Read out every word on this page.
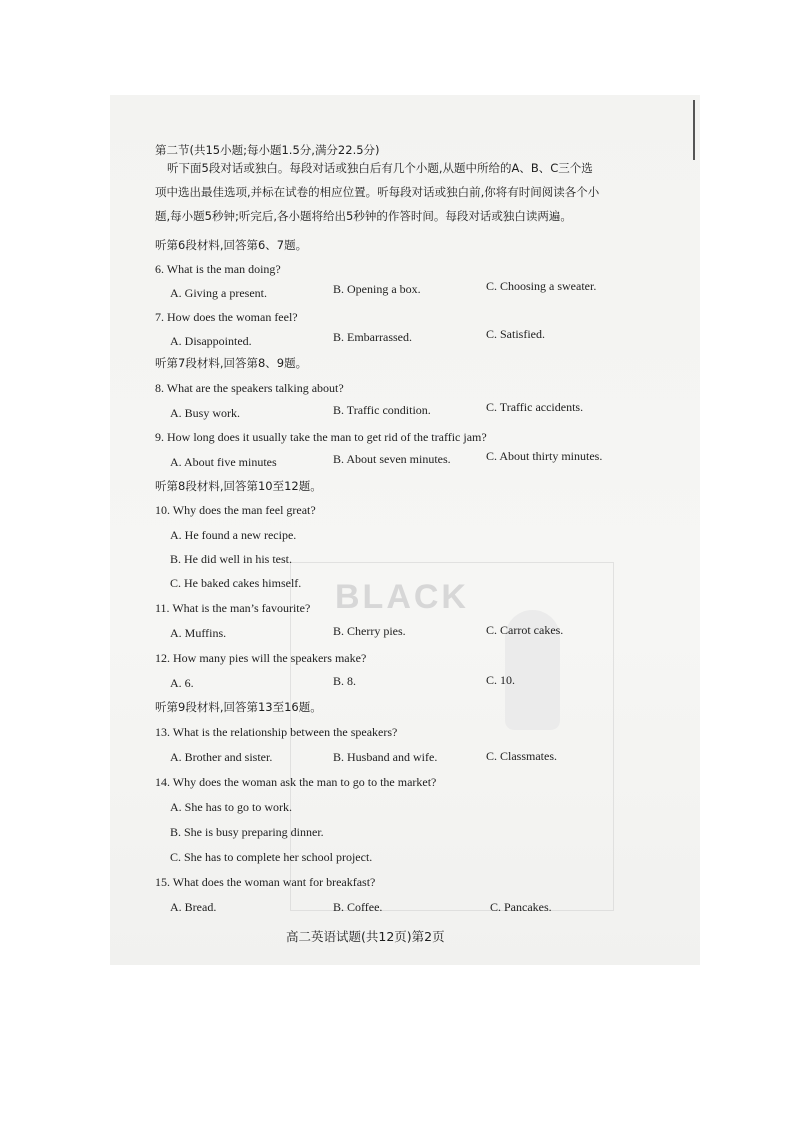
BLACK
第二节(共15小题;每小题1.5分,满分22.5分)
听下面5段对话或独白。每段对话或独白后有几个小题,从题中所给的A、B、C三个选
项中选出最佳选项,并标在试卷的相应位置。听每段对话或独白前,你将有时间阅读各个小
题,每小题5秒钟;听完后,各小题将给出5秒钟的作答时间。每段对话或独白读两遍。
听第6段材料,回答第6、7题。
6. What is the man doing?
A. Giving a present.	B. Opening a box.	C. Choosing a sweater.
7. How does the woman feel?
A. Disappointed.	B. Embarrassed.	C. Satisfied.
听第7段材料,回答第8、9题。
8. What are the speakers talking about?
A. Busy work.	B. Traffic condition.	C. Traffic accidents.
9. How long does it usually take the man to get rid of the traffic jam?
A. About five minutes	B. About seven minutes.	C. About thirty minutes.
听第8段材料,回答第10至12题。
10. Why does the man feel great?
A. He found a new recipe.
B. He did well in his test.
C. He baked cakes himself.
11. What is the man’s favourite?
A. Muffins.	B. Cherry pies.	C. Carrot cakes.
12. How many pies will the speakers make?
A. 6.	B. 8.	C. 10.
听第9段材料,回答第13至16题。
13. What is the relationship between the speakers?
A. Brother and sister.	B. Husband and wife.	C. Classmates.
14. Why does the woman ask the man to go to the market?
A. She has to go to work.
B. She is busy preparing dinner.
C. She has to complete her school project.
15. What does the woman want for breakfast?
A. Bread.	B. Coffee.	C. Pancakes.
高二英语试题(共12页)第2页
